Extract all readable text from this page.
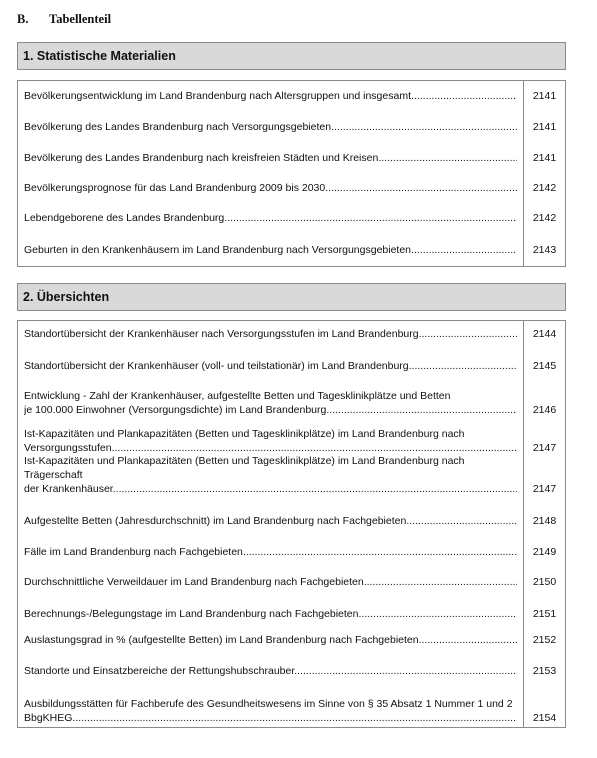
B. Tabellenteil
1. Statistische Materialien
Bevölkerungsentwicklung im Land Brandenburg nach Altersgruppen und insgesamt .....	2141
Bevölkerung des Landes Brandenburg nach Versorgungsgebieten .....	2141
Bevölkerung des Landes Brandenburg nach kreisfreien Städten und Kreisen .....	2141
Bevölkerungsprognose für das Land Brandenburg 2009 bis 2030 .....	2142
Lebendgeborene des Landes Brandenburg .....	2142
Geburten in den Krankenhäusern im Land Brandenburg nach Versorgungsgebieten .....	2143
2. Übersichten
Standortübersicht der Krankenhäuser nach Versorgungsstufen im Land Brandenburg .....	2144
Standortübersicht der Krankenhäuser (voll- und teilstationär) im Land Brandenburg .....	2145
Entwicklung - Zahl der Krankenhäuser, aufgestellte Betten und Tagesklinikplätze und Betten
je 100.000 Einwohner (Versorgungsdichte) im Land Brandenburg .....	2146
Ist-Kapazitäten und Plankapazitäten (Betten und Tagesklinikplätze) im Land Brandenburg nach
Versorgungsstufen .....	2147
Ist-Kapazitäten und Plankapazitäten (Betten und Tagesklinikplätze) im Land Brandenburg nach Trägerschaft
der Krankenhäuser .....	2147
Aufgestellte Betten (Jahresdurchschnitt) im Land Brandenburg nach Fachgebieten .....	2148
Fälle im Land Brandenburg nach Fachgebieten .....	2149
Durchschnittliche Verweildauer im Land Brandenburg nach Fachgebieten .....	2150
Berechnungs-/Belegungstage im Land Brandenburg nach Fachgebieten .....	2151
Auslastungsgrad in % (aufgestellte Betten) im Land Brandenburg nach Fachgebieten .....	2152
Standorte und Einsatzbereiche der Rettungshubschrauber .....	2153
Ausbildungsstätten für Fachberufe des Gesundheitswesens im Sinne von § 35 Absatz 1 Nummer 1 und 2
BbgKHEG .....	2154
